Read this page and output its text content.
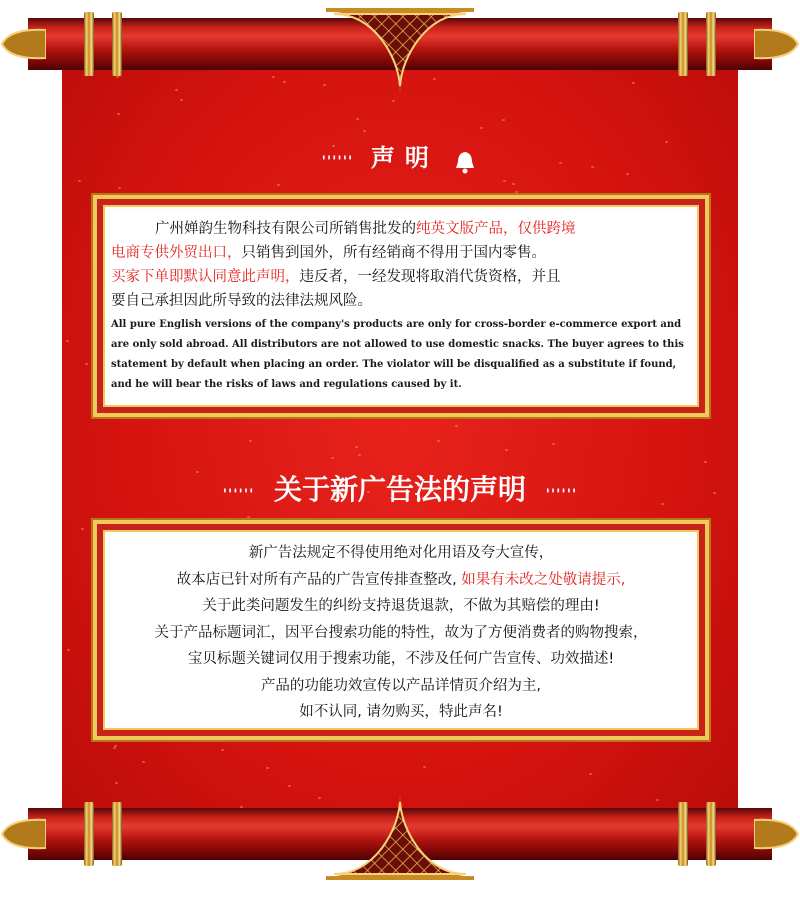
'''''' 声明
广州婵韵生物科技有限公司所销售批发的纯英文版产品，仅供跨境
电商专供外贸出口，只销售到国外，所有经销商不得用于国内零售。
买家下单即默认同意此声明，违反者，一经发现将取消代货资格，并且
要自己承担因此所导致的法律法规风险。
All pure English versions of the company's products are only for cross-border e-commerce export and
are only sold abroad. All distributors are not allowed to use domestic snacks. The buyer agrees to this
statement by default when placing an order. The violator will be disqualified as a substitute if found,
and he will bear the risks of laws and regulations caused by it.
'''''' 关于新广告法的声明 ''''''
新广告法规定不得使用绝对化用语及夸大宣传，
故本店已针对所有产品的广告宣传排查整改, 如果有未改之处敬请提示,
关于此类问题发生的纠纷支持退货退款，不做为其赔偿的理由!
关于产品标题词汇，因平台搜索功能的特性，故为了方便消费者的购物搜索，
宝贝标题关键词仅用于搜索功能，不涉及任何广告宣传、功效描述!
产品的功能功效宣传以产品详情页介绍为主,
如不认同, 请勿购买，特此声名!
